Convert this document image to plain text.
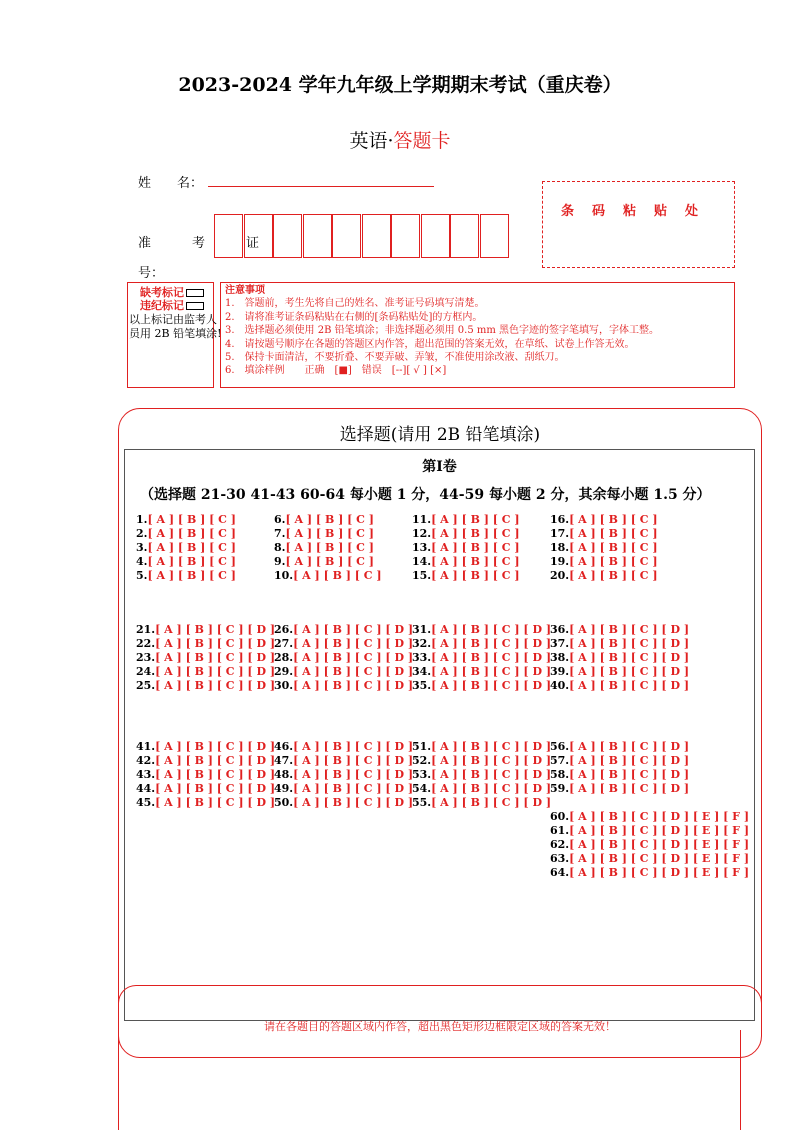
2023-2024 学年九年级上学期期末考试（重庆卷）
英语·答题卡
姓　　名：
准　考　证
号：
条码粘贴处
缺考标记
违纪标记
以上标记由监考人
员用 2B 铅笔填涂!
注意事项
1.　答题前，考生先将自己的姓名、准考证号码填写清楚。
2.　请将准考证条码粘贴在右侧的[条码粘贴处]的方框内。
3.　选择题必须使用 2B 铅笔填涂；非选择题必须用 0.5 mm 黑色字迹的签字笔填写，字体工整。
4.　请按题号顺序在各题的答题区内作答，超出范围的答案无效，在草纸、试卷上作答无效。
5.　保持卡面清洁，不要折叠、不要弄破、弄皱，不准使用涂改液、刮纸刀。
6.　填涂样例　　正确　[■]　错误　[--][ √ ] [×]
选择题(请用 2B 铅笔填涂)
第Ⅰ卷
（选择题 21-30 41-43 60-64 每小题 1 分，44-59 每小题 2 分，其余每小题 1.5 分）
1.[ A ] [ B ] [ C ]
2.[ A ] [ B ] [ C ]
3.[ A ] [ B ] [ C ]
4.[ A ] [ B ] [ C ]
5.[ A ] [ B ] [ C ]
6.[ A ] [ B ] [ C ]
7.[ A ] [ B ] [ C ]
8.[ A ] [ B ] [ C ]
9.[ A ] [ B ] [ C ]
10.[ A ] [ B ] [ C ]
11.[ A ] [ B ] [ C ]
12.[ A ] [ B ] [ C ]
13.[ A ] [ B ] [ C ]
14.[ A ] [ B ] [ C ]
15.[ A ] [ B ] [ C ]
16.[ A ] [ B ] [ C ]
17.[ A ] [ B ] [ C ]
18.[ A ] [ B ] [ C ]
19.[ A ] [ B ] [ C ]
20.[ A ] [ B ] [ C ]
21.[ A ] [ B ] [ C ] [ D ]
22.[ A ] [ B ] [ C ] [ D ]
23.[ A ] [ B ] [ C ] [ D ]
24.[ A ] [ B ] [ C ] [ D ]
25.[ A ] [ B ] [ C ] [ D ]
26.[ A ] [ B ] [ C ] [ D ]
27.[ A ] [ B ] [ C ] [ D ]
28.[ A ] [ B ] [ C ] [ D ]
29.[ A ] [ B ] [ C ] [ D ]
30.[ A ] [ B ] [ C ] [ D ]
31.[ A ] [ B ] [ C ] [ D ]
32.[ A ] [ B ] [ C ] [ D ]
33.[ A ] [ B ] [ C ] [ D ]
34.[ A ] [ B ] [ C ] [ D ]
35.[ A ] [ B ] [ C ] [ D ]
36.[ A ] [ B ] [ C ] [ D ]
37.[ A ] [ B ] [ C ] [ D ]
38.[ A ] [ B ] [ C ] [ D ]
39.[ A ] [ B ] [ C ] [ D ]
40.[ A ] [ B ] [ C ] [ D ]
41.[ A ] [ B ] [ C ] [ D ]
42.[ A ] [ B ] [ C ] [ D ]
43.[ A ] [ B ] [ C ] [ D ]
44.[ A ] [ B ] [ C ] [ D ]
45.[ A ] [ B ] [ C ] [ D ]
46.[ A ] [ B ] [ C ] [ D ]
47.[ A ] [ B ] [ C ] [ D ]
48.[ A ] [ B ] [ C ] [ D ]
49.[ A ] [ B ] [ C ] [ D ]
50.[ A ] [ B ] [ C ] [ D ]
51.[ A ] [ B ] [ C ] [ D ]
52.[ A ] [ B ] [ C ] [ D ]
53.[ A ] [ B ] [ C ] [ D ]
54.[ A ] [ B ] [ C ] [ D ]
55.[ A ] [ B ] [ C ] [ D ]
56.[ A ] [ B ] [ C ] [ D ]
57.[ A ] [ B ] [ C ] [ D ]
58.[ A ] [ B ] [ C ] [ D ]
59.[ A ] [ B ] [ C ] [ D ]
60.[ A ] [ B ] [ C ] [ D ] [ E ] [ F ]
61.[ A ] [ B ] [ C ] [ D ] [ E ] [ F ]
62.[ A ] [ B ] [ C ] [ D ] [ E ] [ F ]
63.[ A ] [ B ] [ C ] [ D ] [ E ] [ F ]
64.[ A ] [ B ] [ C ] [ D ] [ E ] [ F ]
请在各题目的答题区域内作答，超出黑色矩形边框限定区域的答案无效！
